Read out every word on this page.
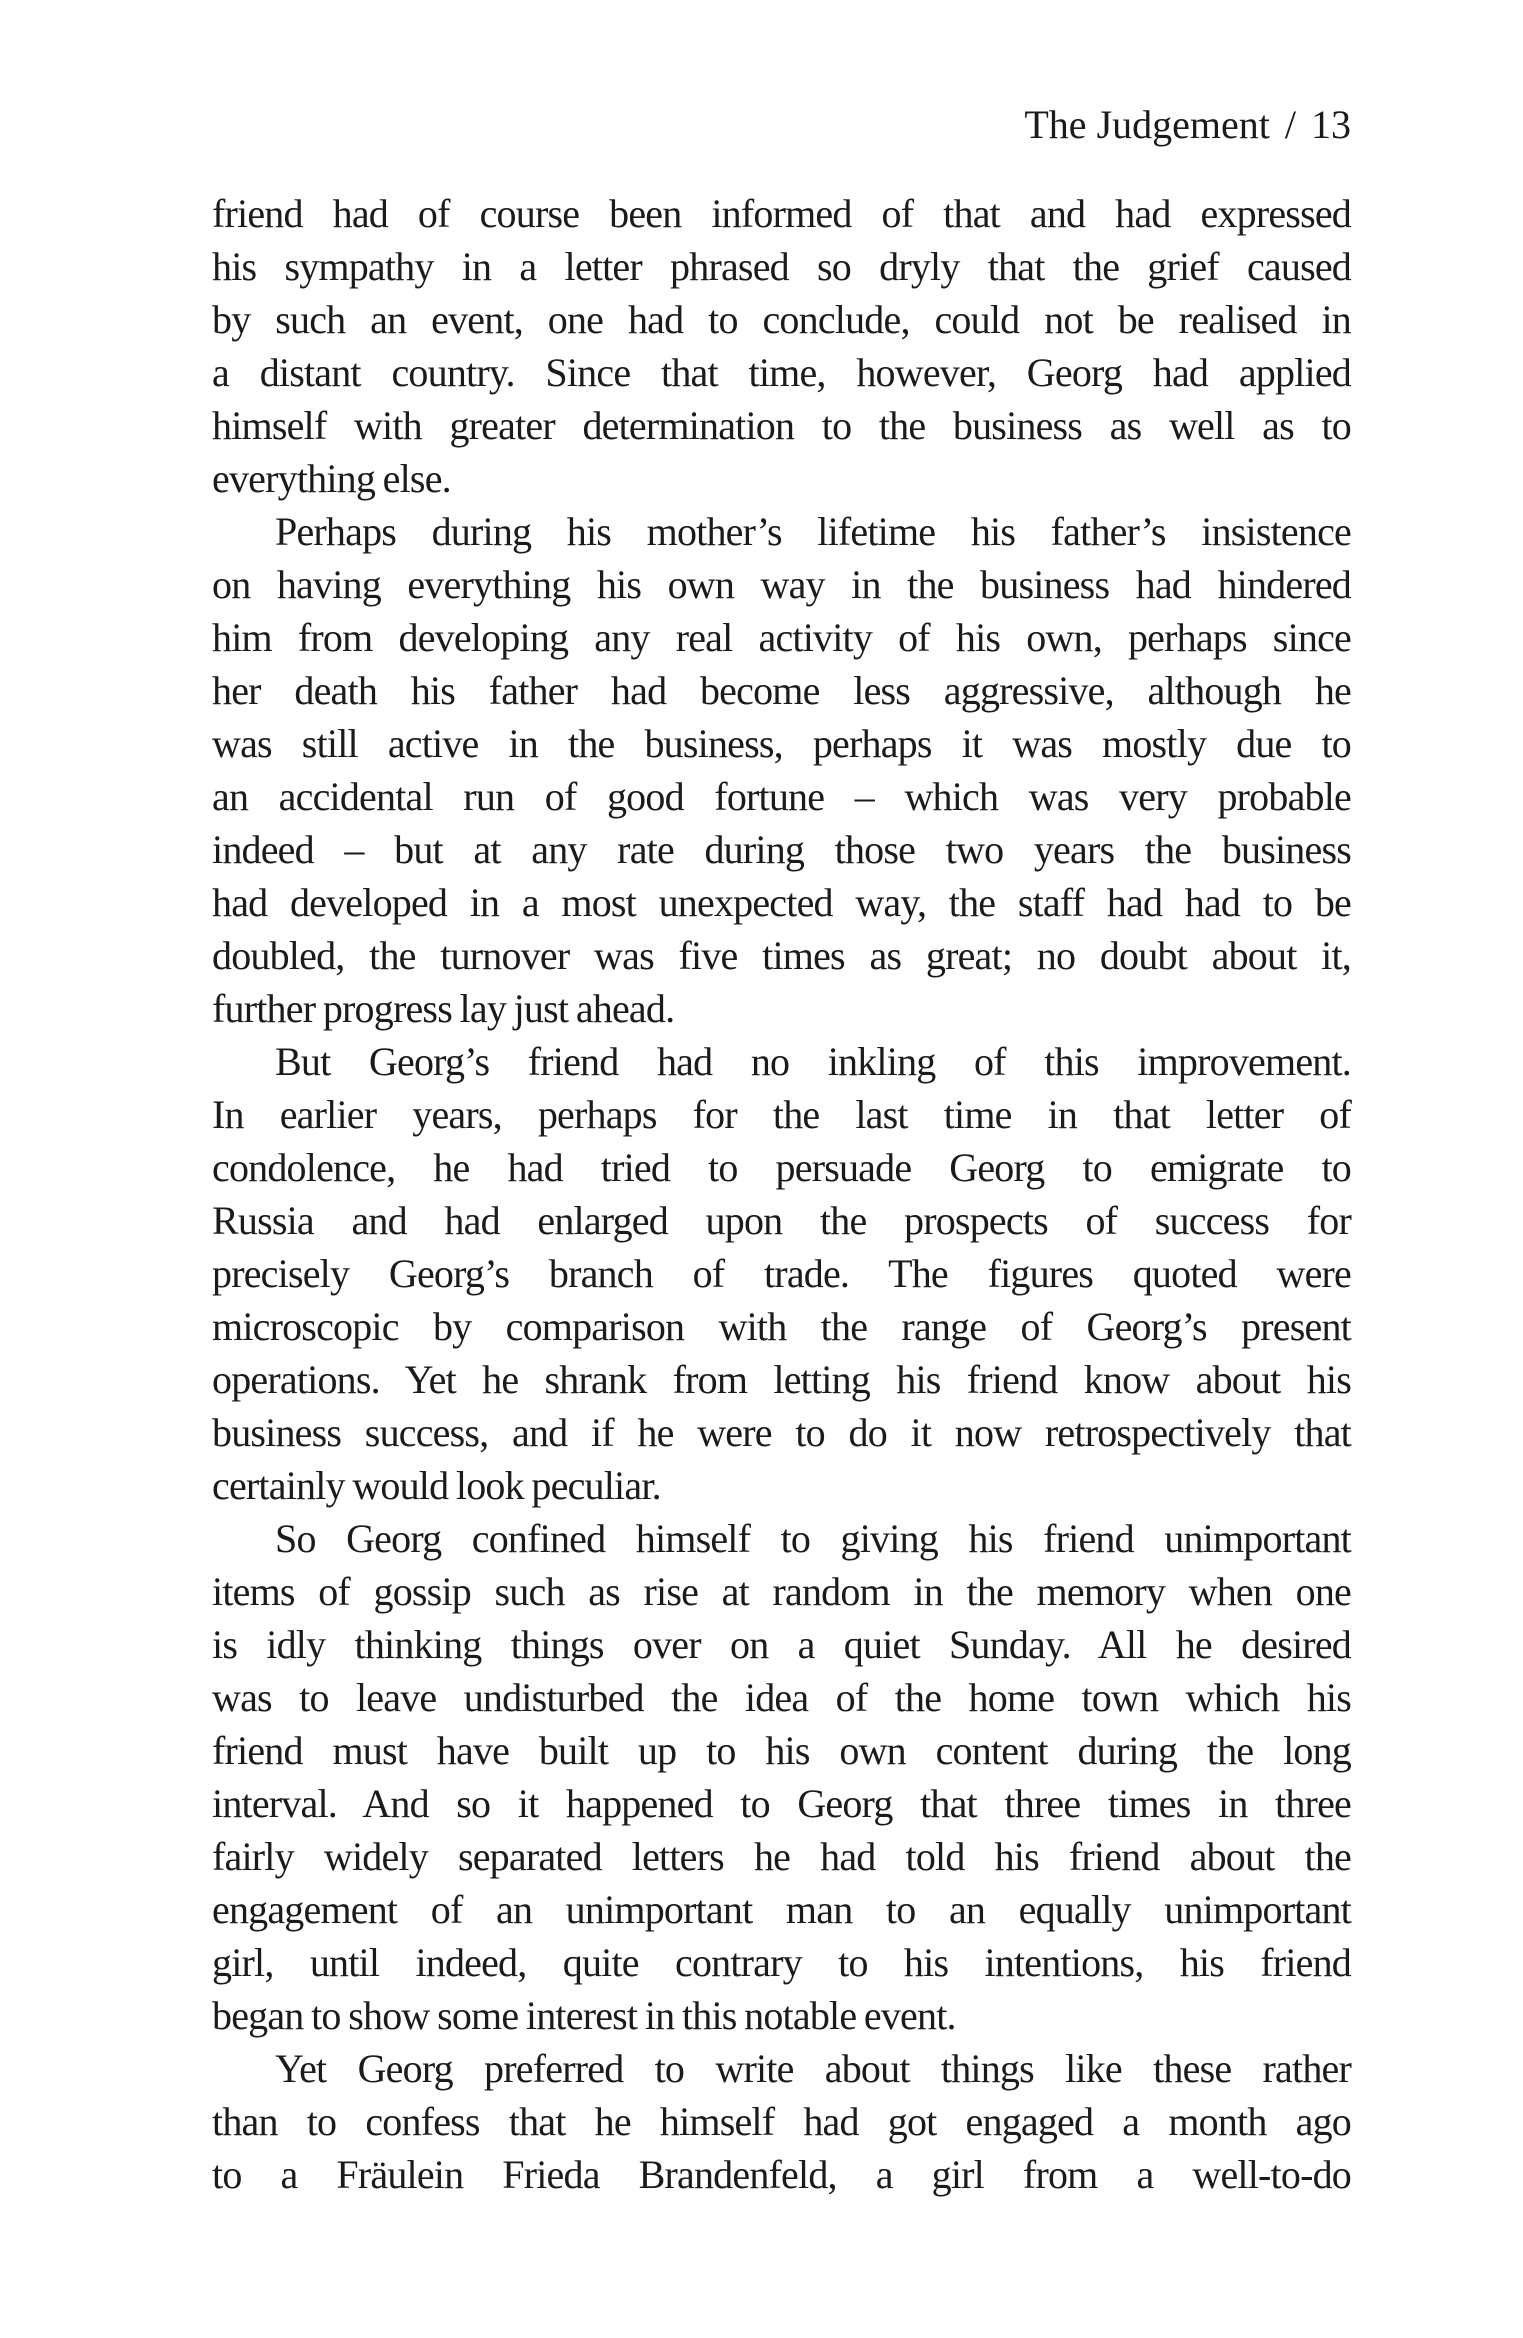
The Judgement / 13
friend had of course been informed of that and had expressed
his sympathy in a letter phrased so dryly that the grief caused
by such an event, one had to conclude, could not be realised in
a distant country. Since that time, however, Georg had applied
himself with greater determination to the business as well as to
everything else.
Perhaps during his mother’s lifetime his father’s insistence
on having everything his own way in the business had hindered
him from developing any real activity of his own, perhaps since
her death his father had become less aggressive, although he
was still active in the business, perhaps it was mostly due to
an accidental run of good fortune – which was very probable
indeed – but at any rate during those two years the business
had developed in a most unexpected way, the staff had had to be
doubled, the turnover was five times as great; no doubt about it,
further progress lay just ahead.
But Georg’s friend had no inkling of this improvement.
In earlier years, perhaps for the last time in that letter of
condolence, he had tried to persuade Georg to emigrate to
Russia and had enlarged upon the prospects of success for
precisely Georg’s branch of trade. The figures quoted were
microscopic by comparison with the range of Georg’s present
operations. Yet he shrank from letting his friend know about his
business success, and if he were to do it now retrospectively that
certainly would look peculiar.
So Georg confined himself to giving his friend unimportant
items of gossip such as rise at random in the memory when one
is idly thinking things over on a quiet Sunday. All he desired
was to leave undisturbed the idea of the home town which his
friend must have built up to his own content during the long
interval. And so it happened to Georg that three times in three
fairly widely separated letters he had told his friend about the
engagement of an unimportant man to an equally unimportant
girl, until indeed, quite contrary to his intentions, his friend
began to show some interest in this notable event.
Yet Georg preferred to write about things like these rather
than to confess that he himself had got engaged a month ago
to a Fräulein Frieda Brandenfeld, a girl from a well-to-do
